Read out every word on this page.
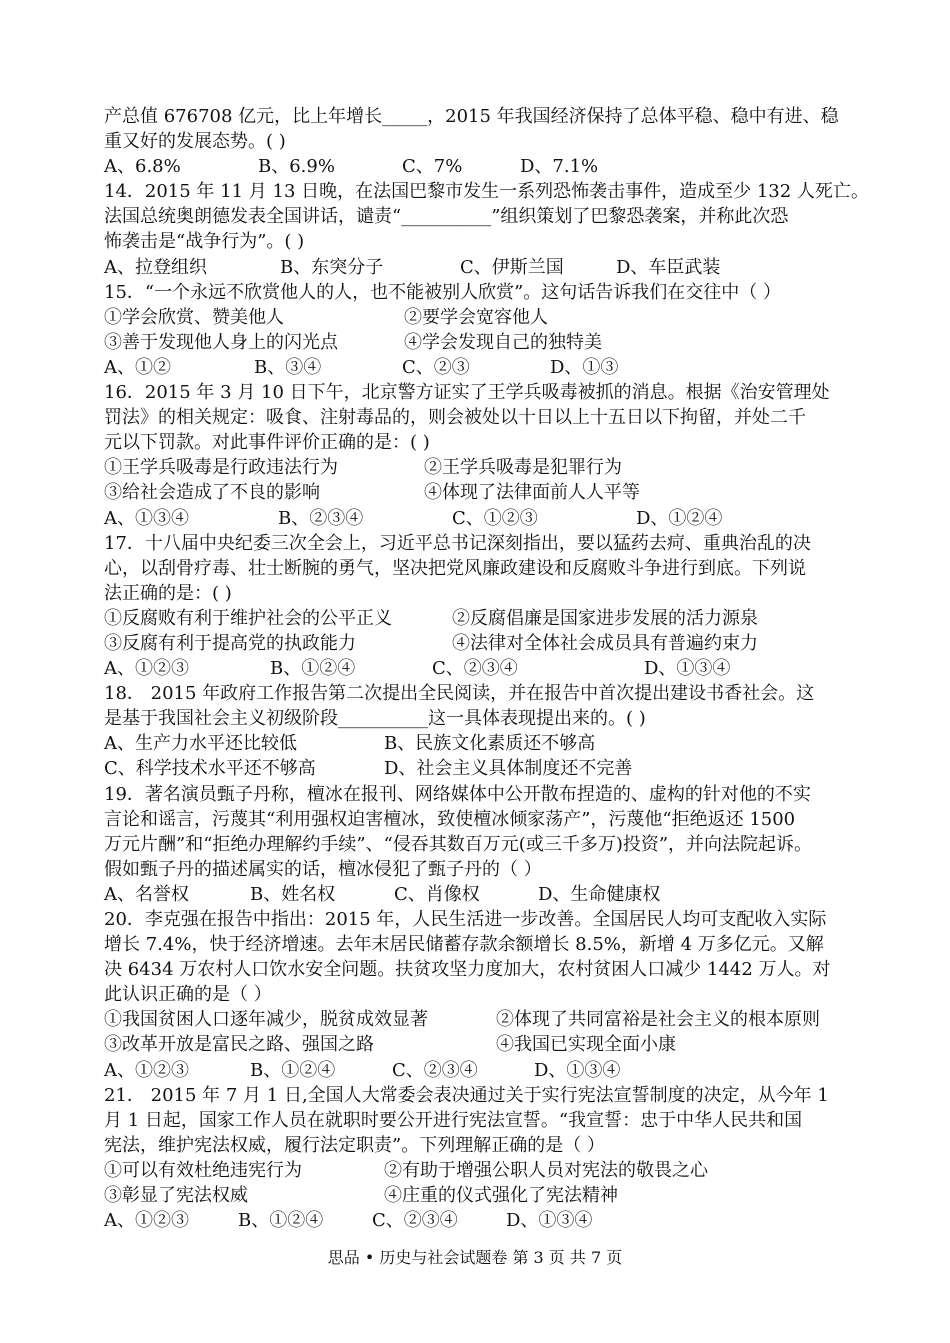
产总值 676708 亿元，比上年增长_____，2015 年我国经济保持了总体平稳、稳中有进、稳
重又好的发展态势。( )
A、6.8%	B、6.9%	C、7%	D、7.1%
14．2015 年 11 月 13 日晚，在法国巴黎市发生一系列恐怖袭击事件，造成至少 132 人死亡。
法国总统奥朗德发表全国讲话，谴责“__________”组织策划了巴黎恐袭案，并称此次恐
怖袭击是“战争行为”。( )
A、拉登组织	B、东突分子	C、伊斯兰国	D、车臣武装
15．“一个永远不欣赏他人的人，也不能被别人欣赏”。这句话告诉我们在交往中（ ）
①学会欣赏、赞美他人	②要学会宽容他人
③善于发现他人身上的闪光点	④学会发现自己的独特美
A、①②	B、③④	C、②③	D、①③
16．2015 年 3 月 10 日下午，北京警方证实了王学兵吸毒被抓的消息。根据《治安管理处
罚法》的相关规定：吸食、注射毒品的，则会被处以十日以上十五日以下拘留，并处二千
元以下罚款。对此事件评价正确的是：( )
①王学兵吸毒是行政违法行为	②王学兵吸毒是犯罪行为
③给社会造成了不良的影响	④体现了法律面前人人平等
A、①③④	B、②③④	C、①②③	D、①②④
17．十八届中央纪委三次全会上，习近平总书记深刻指出，要以猛药去疴、重典治乱的决
心，以刮骨疗毒、壮士断腕的勇气，坚决把党风廉政建设和反腐败斗争进行到底。下列说
法正确的是：( )
①反腐败有利于维护社会的公平正义	②反腐倡廉是国家进步发展的活力源泉
③反腐有利于提高党的执政能力	④法律对全体社会成员具有普遍约束力
A、①②③	B、①②④	C、②③④	D、①③④
18． 2015 年政府工作报告第二次提出全民阅读，并在报告中首次提出建设书香社会。这
是基于我国社会主义初级阶段__________这一具体表现提出来的。( )
A、生产力水平还比较低	B、民族文化素质还不够高
C、科学技术水平还不够高	D、社会主义具体制度还不完善
19．著名演员甄子丹称，檀冰在报刊、网络媒体中公开散布捏造的、虚构的针对他的不实
言论和谣言，污蔑其“利用强权迫害檀冰，致使檀冰倾家荡产”，污蔑他“拒绝返还 1500
万元片酬”和“拒绝办理解约手续”、“侵吞其数百万元(或三千多万)投资”，并向法院起诉。
假如甄子丹的描述属实的话，檀冰侵犯了甄子丹的（ ）
A、名誉权	B、姓名权	C、肖像权	D、生命健康权
20．李克强在报告中指出：2015 年，人民生活进一步改善。全国居民人均可支配收入实际
增长 7.4%，快于经济增速。去年末居民储蓄存款余额增长 8.5%，新增 4 万多亿元。又解
决 6434 万农村人口饮水安全问题。扶贫攻坚力度加大，农村贫困人口减少 1442 万人。对
此认识正确的是（ ）
①我国贫困人口逐年减少，脱贫成效显著	②体现了共同富裕是社会主义的根本原则
③改革开放是富民之路、强国之路	④我国已实现全面小康
A、①②③	B、①②④	C、②③④	D、①③④
21． 2015 年 7 月 1 日,全国人大常委会表决通过关于实行宪法宣誓制度的决定，从今年 1
月 1 日起，国家工作人员在就职时要公开进行宪法宣誓。“我宣誓：忠于中华人民共和国
宪法，维护宪法权威，履行法定职责”。下列理解正确的是（ ）
①可以有效杜绝违宪行为	②有助于增强公职人员对宪法的敬畏之心
③彰显了宪法权威	④庄重的仪式强化了宪法精神
A、①②③	B、①②④	C、②③④	D、①③④
思品 • 历史与社会试题卷 第 3 页 共 7 页
